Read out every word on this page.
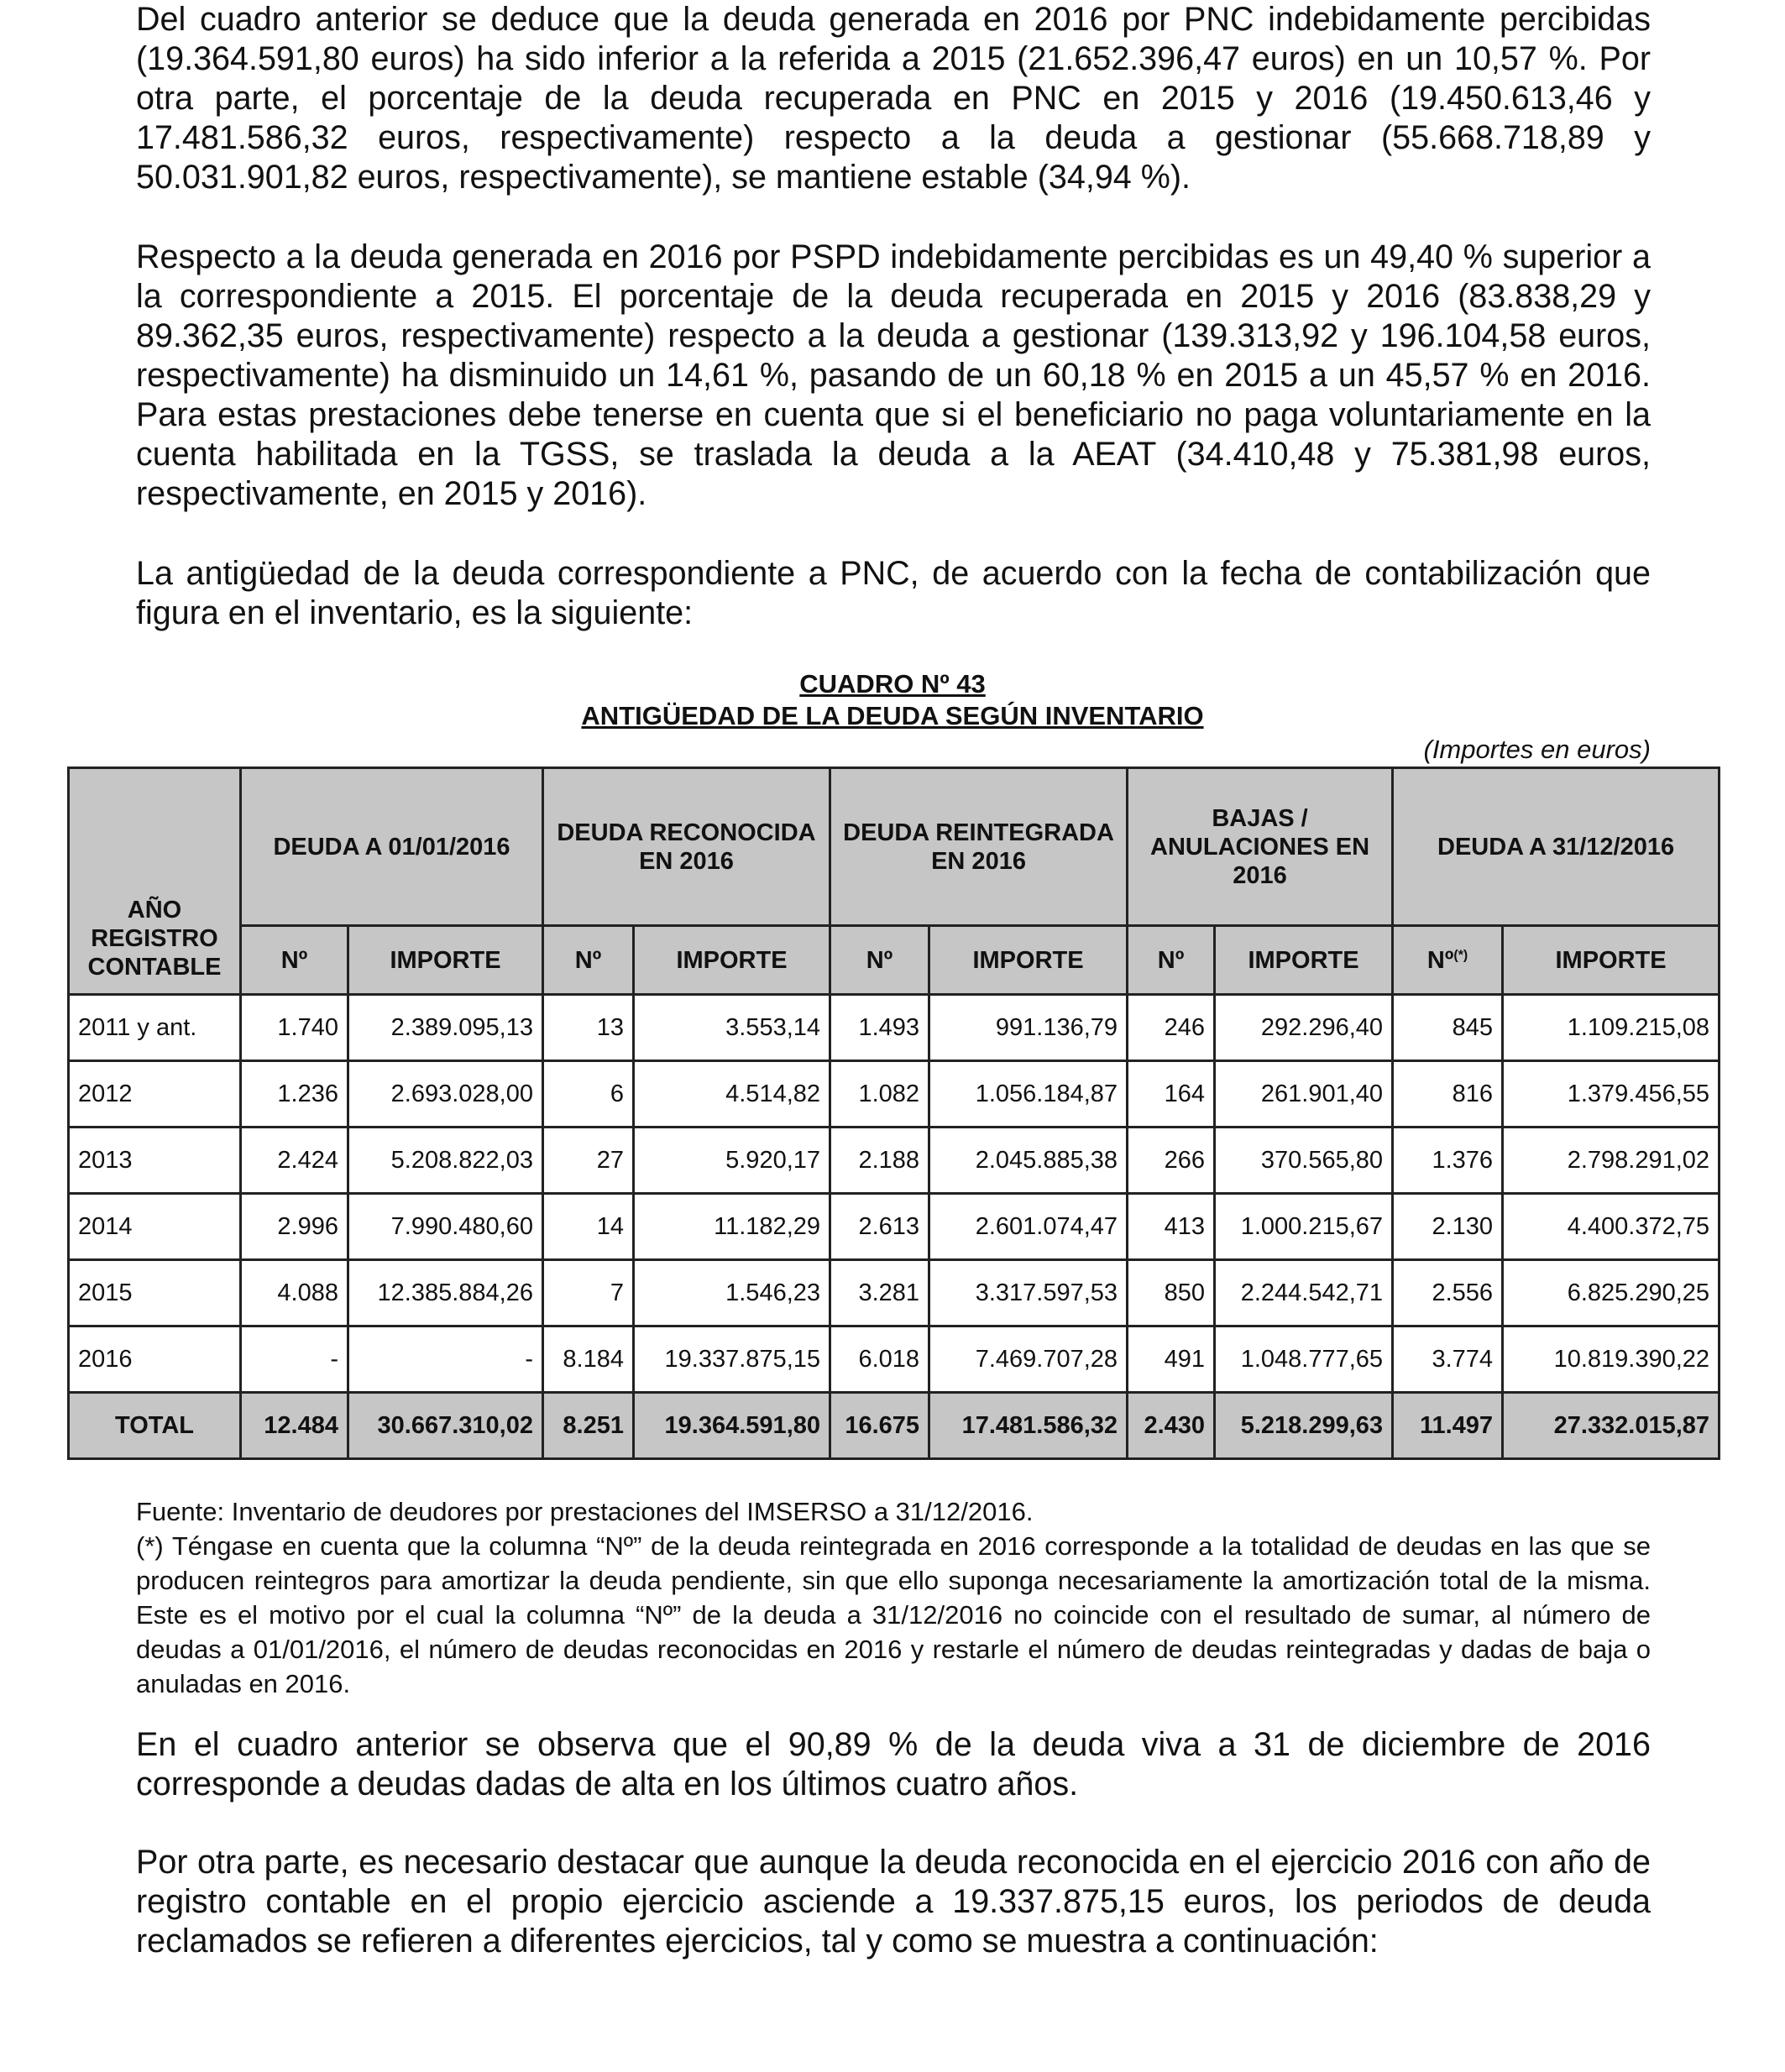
Del cuadro anterior se deduce que la deuda generada en 2016 por PNC indebidamente percibidas (19.364.591,80 euros) ha sido inferior a la referida a 2015 (21.652.396,47 euros) en un 10,57 %. Por otra parte, el porcentaje de la deuda recuperada en PNC en 2015 y 2016 (19.450.613,46 y 17.481.586,32 euros, respectivamente) respecto a la deuda a gestionar (55.668.718,89 y 50.031.901,82 euros, respectivamente), se mantiene estable (34,94 %).

Respecto a la deuda generada en 2016 por PSPD indebidamente percibidas es un 49,40 % superior a la correspondiente a 2015. El porcentaje de la deuda recuperada en 2015 y 2016 (83.838,29 y 89.362,35 euros, respectivamente) respecto a la deuda a gestionar (139.313,92 y 196.104,58 euros, respectivamente) ha disminuido un 14,61 %, pasando de un 60,18 % en 2015 a un 45,57 % en 2016. Para estas prestaciones debe tenerse en cuenta que si el beneficiario no paga voluntariamente en la cuenta habilitada en la TGSS, se traslada la deuda a la AEAT (34.410,48 y 75.381,98 euros, respectivamente, en 2015 y 2016).

La antigüedad de la deuda correspondiente a PNC, de acuerdo con la fecha de contabilización que figura en el inventario, es la siguiente:

CUADRO Nº 43
ANTIGÜEDAD DE LA DEUDA SEGÚN INVENTARIO
(Importes en euros)
AÑO REGISTRO CONTABLE	DEUDA A 01/01/2016		DEUDA RECONOCIDA EN 2016		DEUDA REINTEGRADA EN 2016		BAJAS / ANULACIONES EN 2016		DEUDA A 31/12/2016	
	Nº	IMPORTE	Nº	IMPORTE	Nº	IMPORTE	Nº	IMPORTE	Nº(*)	IMPORTE
2011 y ant.	1.740	2.389.095,13	13	3.553,14	1.493	991.136,79	246	292.296,40	845	1.109.215,08
2012	1.236	2.693.028,00	6	4.514,82	1.082	1.056.184,87	164	261.901,40	816	1.379.456,55
2013	2.424	5.208.822,03	27	5.920,17	2.188	2.045.885,38	266	370.565,80	1.376	2.798.291,02
2014	2.996	7.990.480,60	14	11.182,29	2.613	2.601.074,47	413	1.000.215,67	2.130	4.400.372,75
2015	4.088	12.385.884,26	7	1.546,23	3.281	3.317.597,53	850	2.244.542,71	2.556	6.825.290,25
2016	-	-	8.184	19.337.875,15	6.018	7.469.707,28	491	1.048.777,65	3.774	10.819.390,22
TOTAL	12.484	30.667.310,02	8.251	19.364.591,80	16.675	17.481.586,32	2.430	5.218.299,63	11.497	27.332.015,87

Fuente: Inventario de deudores por prestaciones del IMSERSO a 31/12/2016.

(*) Téngase en cuenta que la columna “Nº” de la deuda reintegrada en 2016 corresponde a la totalidad de deudas en las que se producen reintegros para amortizar la deuda pendiente, sin que ello suponga necesariamente la amortización total de la misma. Este es el motivo por el cual la columna “Nº” de la deuda a 31/12/2016 no coincide con el resultado de sumar, al número de deudas a 01/01/2016, el número de deudas reconocidas en 2016 y restarle el número de deudas reintegradas y dadas de baja o anuladas en 2016.

En el cuadro anterior se observa que el 90,89 % de la deuda viva a 31 de diciembre de 2016 corresponde a deudas dadas de alta en los últimos cuatro años.

Por otra parte, es necesario destacar que aunque la deuda reconocida en el ejercicio 2016 con año de registro contable en el propio ejercicio asciende a 19.337.875,15 euros, los periodos de deuda reclamados se refieren a diferentes ejercicios, tal y como se muestra a continuación:
